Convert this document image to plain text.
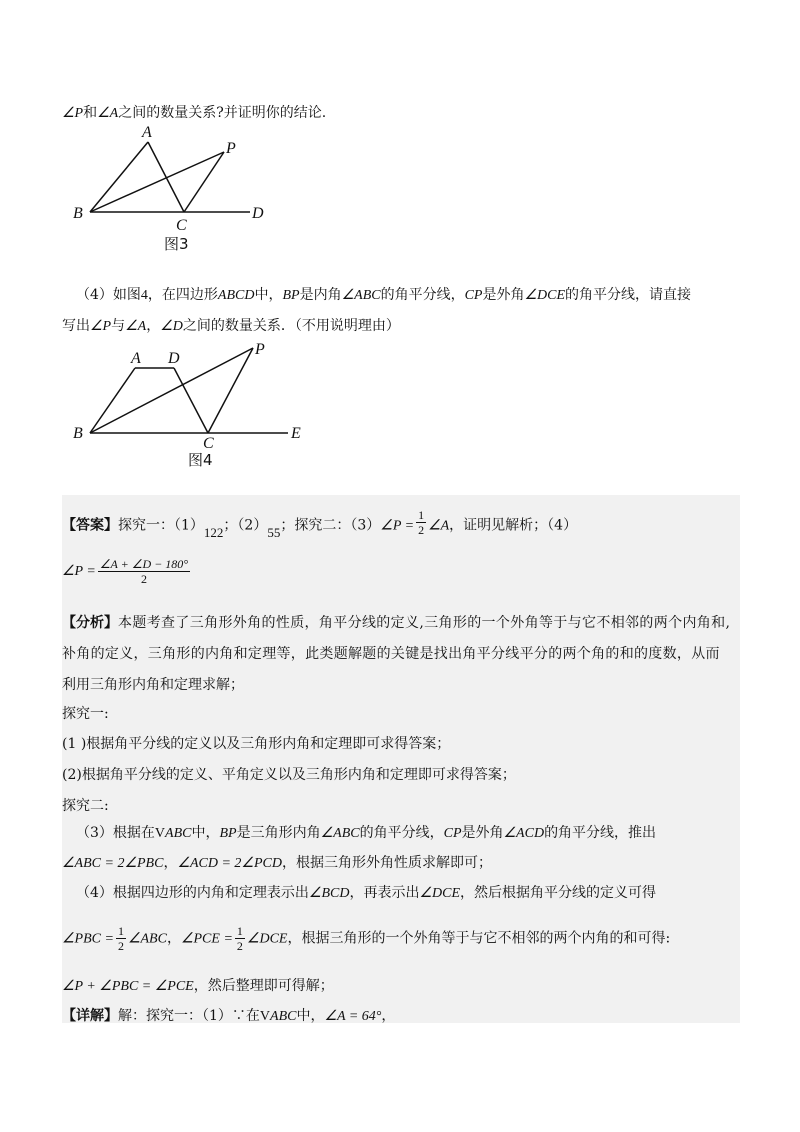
∠P和∠A之间的数量关系?并证明你的结论.
A
P
B
C
D
图3
（4）如图4，在四边形ABCD中，BP是内角∠ABC的角平分线，CP是外角∠DCE的角平分线，请直接
写出∠P与∠A，∠D之间的数量关系．（不用说明理由）
A D
P
B
C
E
图4
【答案】探究一：（1）122；（2）55；探究二：（3）∠P = $\frac{1}{2}$ ∠A，证明见解析；（4）
∠P = $\frac{\angle A + \angle D - 180^\circ}{2}$
【分析】本题考查了三角形外角的性质，角平分线的定义,三角形的一个外角等于与它不相邻的两个内角和,
补角的定义，三角形的内角和定理等，此类题解题的关键是找出角平分线平分的两个角的和的度数，从而
利用三角形内角和定理求解；
探究一:
(1 )根据角平分线的定义以及三角形内角和定理即可求得答案；
(2)根据角平分线的定义、平角定义以及三角形内角和定理即可求得答案；
探究二:
（3）根据在VABC中，BP是三角形内角∠ABC的角平分线，CP是外角∠ACD的角平分线，推出
∠ABC = 2∠PBC，∠ACD = 2∠PCD，根据三角形外角性质求解即可；
（4）根据四边形的内角和定理表示出∠BCD，再表示出∠DCE，然后根据角平分线的定义可得
∠PBC = $\frac{1}{2}$ ∠ABC，∠PCE = $\frac{1}{2}$ ∠DCE，根据三角形的一个外角等于与它不相邻的两个内角的和可得:
∠P + ∠PBC = ∠PCE，然后整理即可得解；
【详解】解：探究一：（1）∵在VABC中，∠A = 64°，
